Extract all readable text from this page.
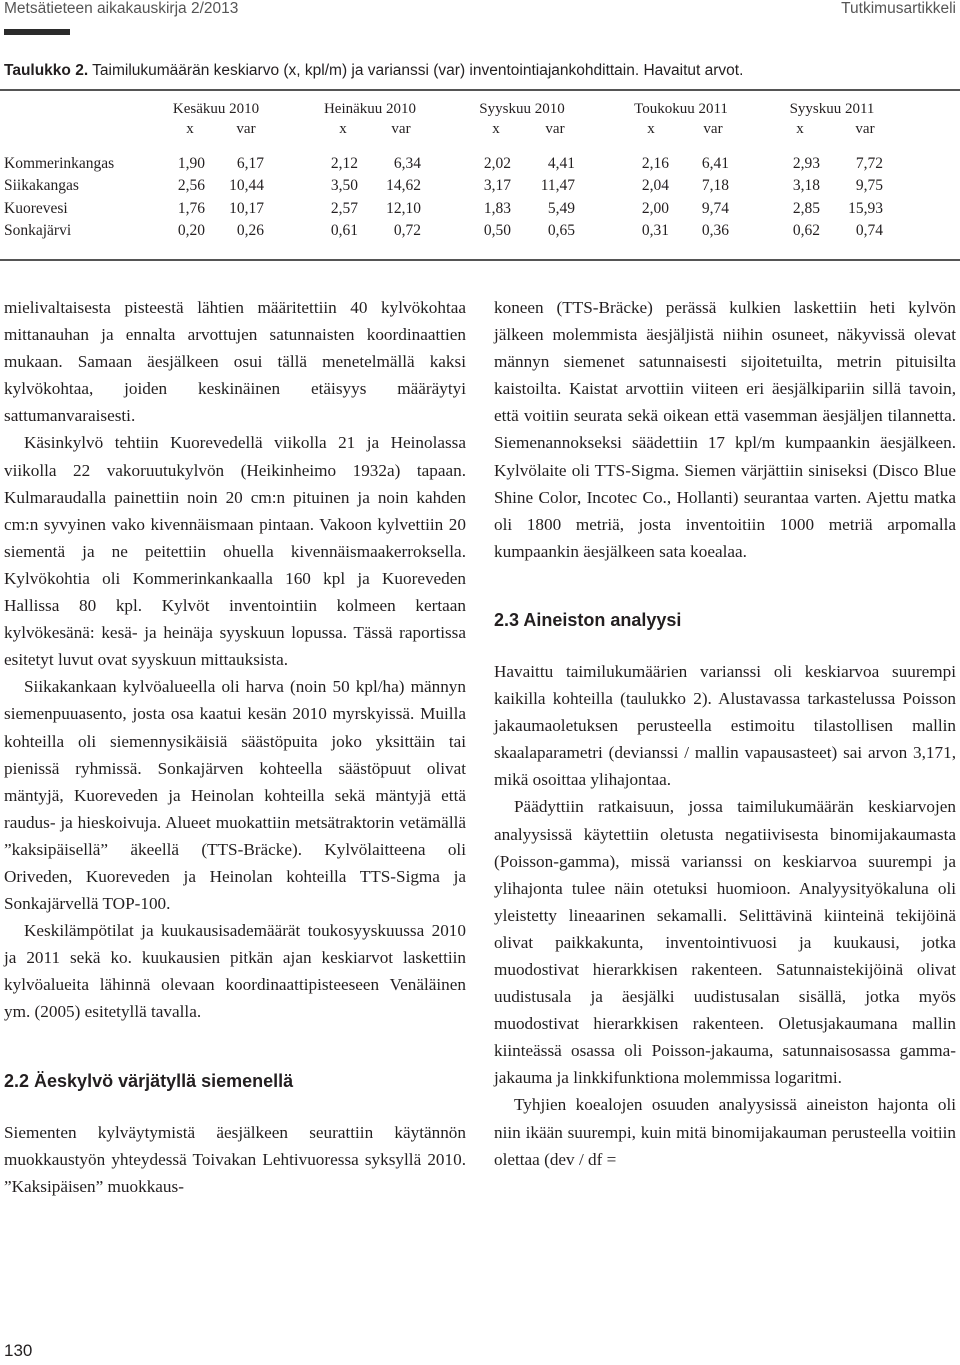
Metsätieteen aikakauskirja 2/2013	Tutkimusartikkeli
Taulukko 2. Taimilukumäärän keskiarvo (x, kpl/m) ja varianssi (var) inventointiajankohdittain. Havaitut arvot.
Kesäkuu 2010
x	var
Heinäkuu 2010
x	var
Syyskuu 2010
x	var
Toukokuu 2011
x	var
Syyskuu 2011
x	var
Kommerinkangas	1,90	6,17	2,12	6,34	2,02	4,41	2,16	6,41	2,93	7,72
Siikakangas	2,56	10,44	3,50	14,62	3,17	11,47	2,04	7,18	3,18	9,75
Kuorevesi	1,76	10,17	2,57	12,10	1,83	5,49	2,00	9,74	2,85	15,93
Sonkajärvi	0,20	0,26	0,61	0,72	0,50	0,65	0,31	0,36	0,62	0,74

mielivaltaisesta pisteestä lähtien määritettiin 40 kylvökohtaa mittanauhan ja ennalta arvottujen satunnaisten koordinaattien mukaan. Samaan äesjälkeen osui tällä menetelmällä kaksi kylvökohtaa, joiden keskinäinen etäisyys määräytyi sattumanvaraisesti.

Käsinkylvö tehtiin Kuorevedellä viikolla 21 ja Heinolassa viikolla 22 vakoruutukylvön (Heikinheimo 1932a) tapaan. Kulmaraudalla painettiin noin 20 cm:n pituinen ja noin kahden cm:n syvyinen vako kivennäismaan pintaan. Vakoon kylvettiin 20 siementä ja ne peitettiin ohuella kivennäismaakerroksella. Kylvökohtia oli Kommerinkankaalla 160 kpl ja Kuoreveden Hallissa 80 kpl. Kylvöt inventointiin kolmeen kertaan kylvökesänä: kesä- ja heinäja syyskuun lopussa. Tässä raportissa esitetyt luvut ovat syyskuun mittauksista.

Siikakankaan kylvöalueella oli harva (noin 50 kpl/ha) männyn siemenpuuasento, josta osa kaatui kesän 2010 myrskyissä. Muilla kohteilla oli siemennysikäisiä säästöpuita joko yksittäin tai pienissä ryhmissä. Sonkajärven kohteella säästöpuut olivat mäntyjä, Kuoreveden ja Heinolan kohteilla sekä mäntyjä että raudus- ja hieskoivuja. Alueet muokattiin metsätraktorin vetämällä ”kaksipäisellä” äkeellä (TTS-Bräcke). Kylvölaitteena oli Oriveden, Kuoreveden ja Heinolan kohteilla TTS-Sigma ja Sonkajärvellä TOP-100.

Keskilämpötilat ja kuukausisademäärät toukosyyskuussa 2010 ja 2011 sekä ko. kuukausien pitkän ajan keskiarvot laskettiin kylvöalueita lähinnä olevaan koordinaattipisteeseen Venäläinen ym. (2005) esitetyllä tavalla.

2.2 Äeskylvö värjätyllä siemenellä

Siementen kylväytymistä äesjälkeen seurattiin käytännön muokkaustyön yhteydessä Toivakan Lehtivuoressa syksyllä 2010. ”Kaksipäisen” muokkaus-

koneen (TTS-Bräcke) perässä kulkien laskettiin heti kylvön jälkeen molemmista äesjäljistä niihin osuneet, näkyvissä olevat männyn siemenet satunnaisesti sijoitetuilta, metrin pituisilta kaistoilta. Kaistat arvottiin viiteen eri äesjälkipariin sillä tavoin, että voitiin seurata sekä oikean että vasemman äesjäljen tilannetta. Siemenannokseksi säädettiin 17 kpl/m kumpaankin äesjälkeen. Kylvölaite oli TTS-Sigma. Siemen värjättiin siniseksi (Disco Blue Shine Color, Incotec Co., Hollanti) seurantaa varten. Ajettu matka oli 1800 metriä, josta inventoitiin 1000 metriä arpomalla kumpaankin äesjälkeen sata koealaa.

2.3 Aineiston analyysi

Havaittu taimilukumäärien varianssi oli keskiarvoa suurempi kaikilla kohteilla (taulukko 2). Alustavassa tarkastelussa Poisson jakaumaoletuksen perusteella estimoitu tilastollisen mallin skaalaparametri (devianssi / mallin vapausasteet) sai arvon 3,171, mikä osoittaa ylihajontaa.

Päädyttiin ratkaisuun, jossa taimilukumäärän keskiarvojen analyysissä käytettiin oletusta negatiivisesta binomijakaumasta (Poisson-gamma), missä varianssi on keskiarvoa suurempi ja ylihajonta tulee näin otetuksi huomioon. Analyysityökaluna oli yleistetty lineaarinen sekamalli. Selittävinä kiinteinä tekijöinä olivat paikkakunta, inventointivuosi ja kuukausi, jotka muodostivat hierarkkisen rakenteen. Satunnaistekijöinä olivat uudistusala ja äesjälki uudistusalan sisällä, jotka myös muodostivat hierarkkisen rakenteen. Oletusjakaumana mallin kiinteässä osassa oli Poisson-jakauma, satunnaisosassa gamma-jakauma ja linkkifunktiona molemmissa logaritmi.

Tyhjien koealojen osuuden analyysissä aineiston hajonta oli niin ikään suurempi, kuin mitä binomijakauman perusteella voitiin olettaa (dev / df =

130
